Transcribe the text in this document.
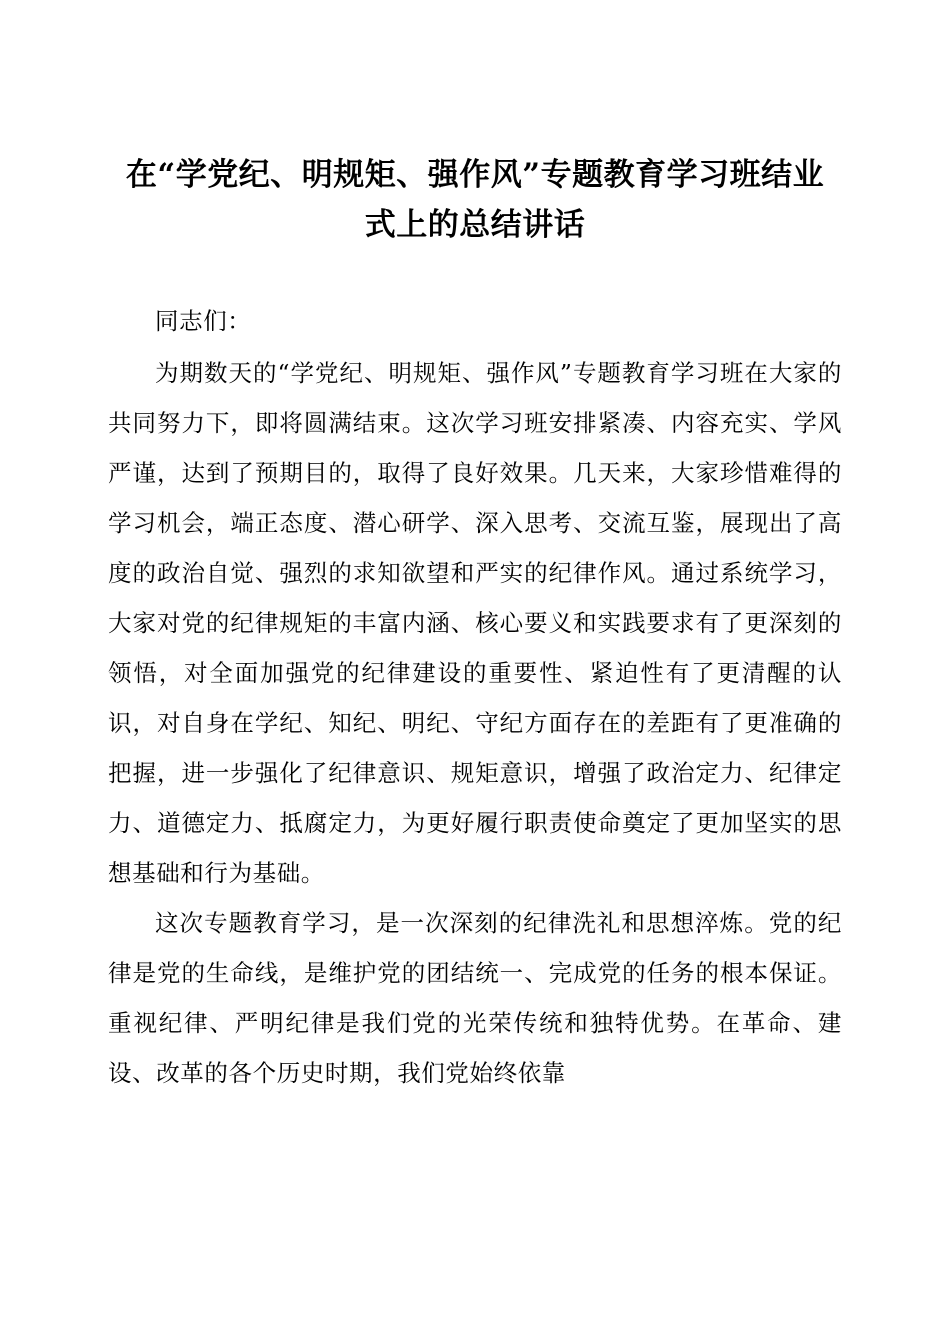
在“学党纪、明规矩、强作风”专题教育学习班结业式上的总结讲话

同志们：

为期数天的“学党纪、明规矩、强作风”专题教育学习班在大家的共同努力下，即将圆满结束。这次学习班安排紧凑、内容充实、学风严谨，达到了预期目的，取得了良好效果。几天来，大家珍惜难得的学习机会，端正态度、潜心研学、深入思考、交流互鉴，展现出了高度的政治自觉、强烈的求知欲望和严实的纪律作风。通过系统学习，大家对党的纪律规矩的丰富内涵、核心要义和实践要求有了更深刻的领悟，对全面加强党的纪律建设的重要性、紧迫性有了更清醒的认识，对自身在学纪、知纪、明纪、守纪方面存在的差距有了更准确的把握，进一步强化了纪律意识、规矩意识，增强了政治定力、纪律定力、道德定力、抵腐定力，为更好履行职责使命奠定了更加坚实的思想基础和行为基础。

这次专题教育学习，是一次深刻的纪律洗礼和思想淬炼。党的纪律是党的生命线，是维护党的团结统一、完成党的任务的根本保证。重视纪律、严明纪律是我们党的光荣传统和独特优势。在革命、建设、改革的各个历史时期，我们党始终依靠
